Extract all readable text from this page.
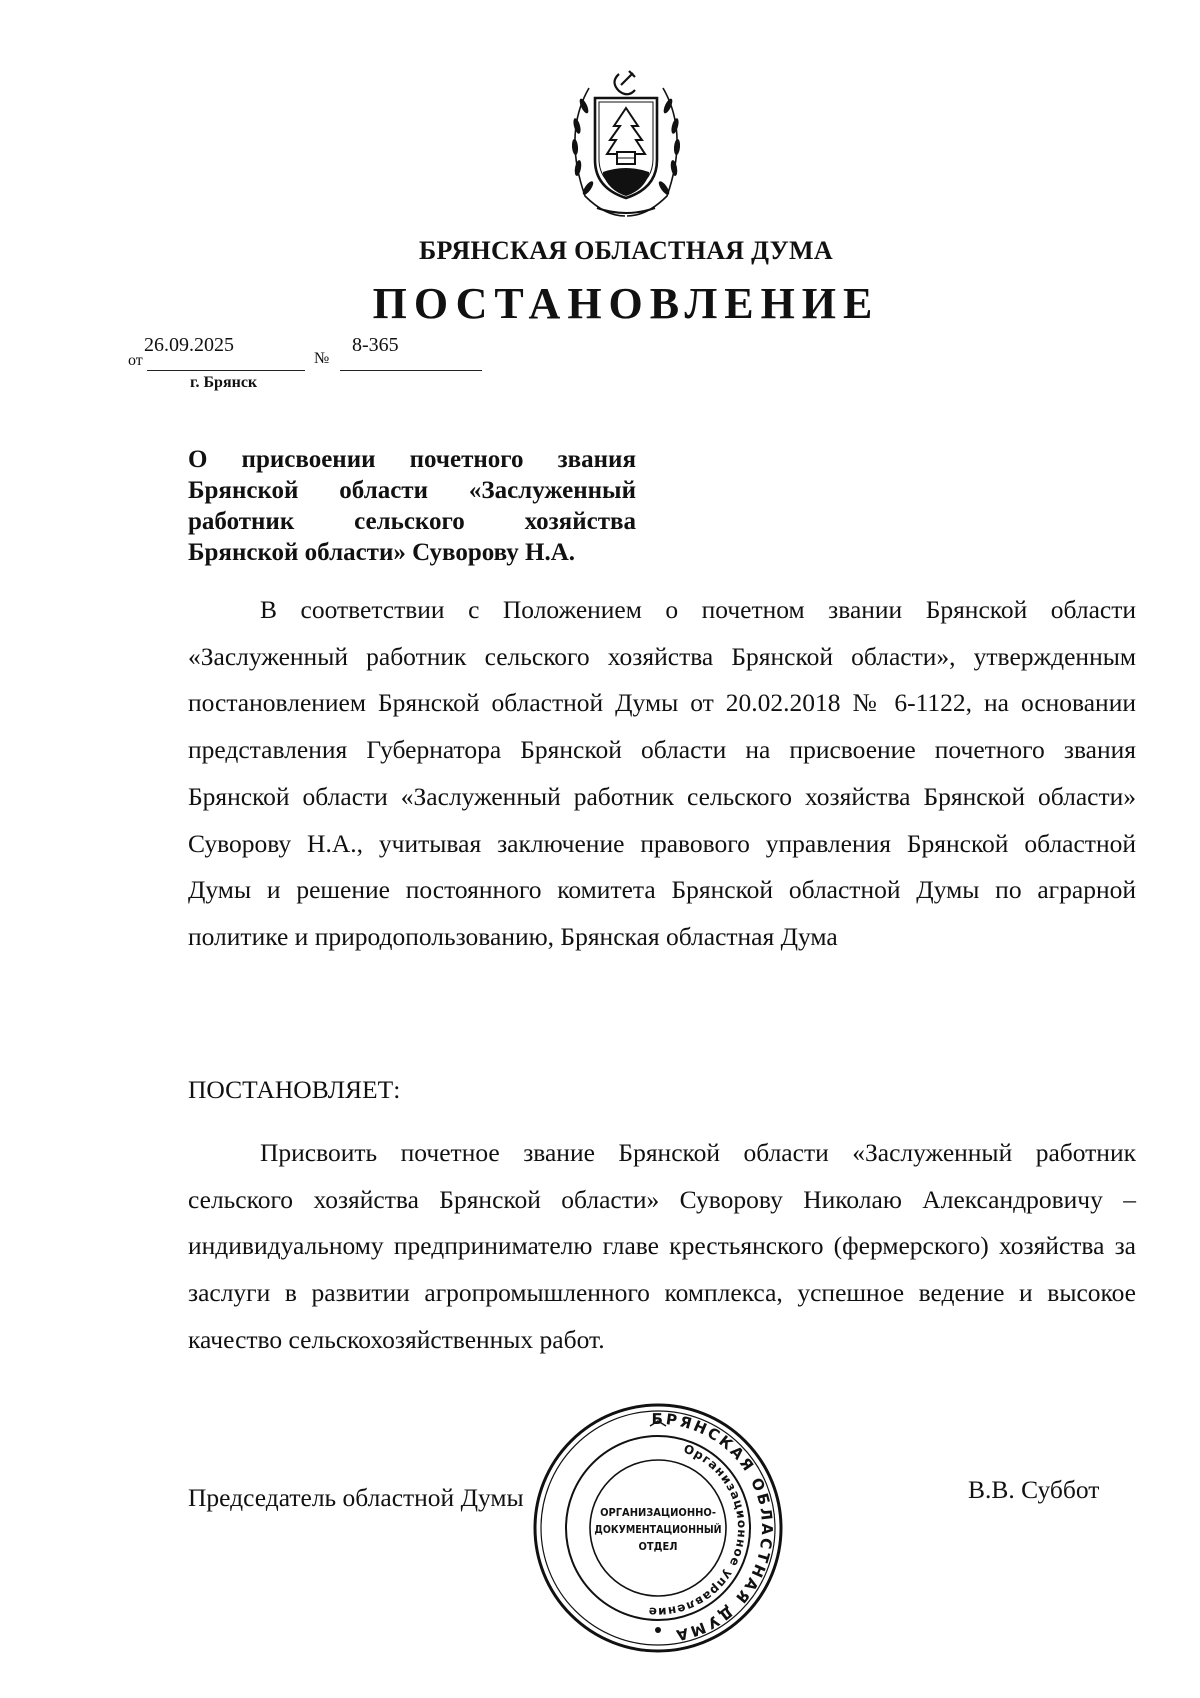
БРЯНСКАЯ ОБЛАСТНАЯ ДУМА
ПОСТАНОВЛЕНИЕ
от
26.09.2025
№
8-365
г. Брянск
О присвоении почетного звания Брянской области «Заслуженный работник сельского хозяйства Брянской области» Суворову Н.А.

В соответствии с Положением о почетном звании Брянской области «Заслуженный работник сельского хозяйства Брянской области», утвержденным постановлением Брянской областной Думы от 20.02.2018 № 6-1122, на основании представления Губернатора Брянской области на присвоение почетного звания Брянской области «Заслуженный работник сельского хозяйства Брянской области» Суворову Н.А., учитывая заключение правового управления Брянской областной Думы и решение постоянного комитета Брянской областной Думы по аграрной политике и природопользованию, Брянская областная Дума

ПОСТАНОВЛЯЕТ:

Присвоить почетное звание Брянской области «Заслуженный работник сельского хозяйства Брянской области» Суворову Николаю Александровичу – индивидуальному предпринимателю главе крестьянского (фермерского) хозяйства за заслуги в развитии агропромышленного комплекса, успешное ведение и высокое качество сельскохозяйственных работ.

Председатель областной Думы	В.В. Суббот
БРЯНСКАЯ ОБЛАСТНАЯ ДУМА
Организационное управление
ОРГАНИЗАЦИОННО-
ДОКУМЕНТАЦИОННЫЙ
ОТДЕЛ
